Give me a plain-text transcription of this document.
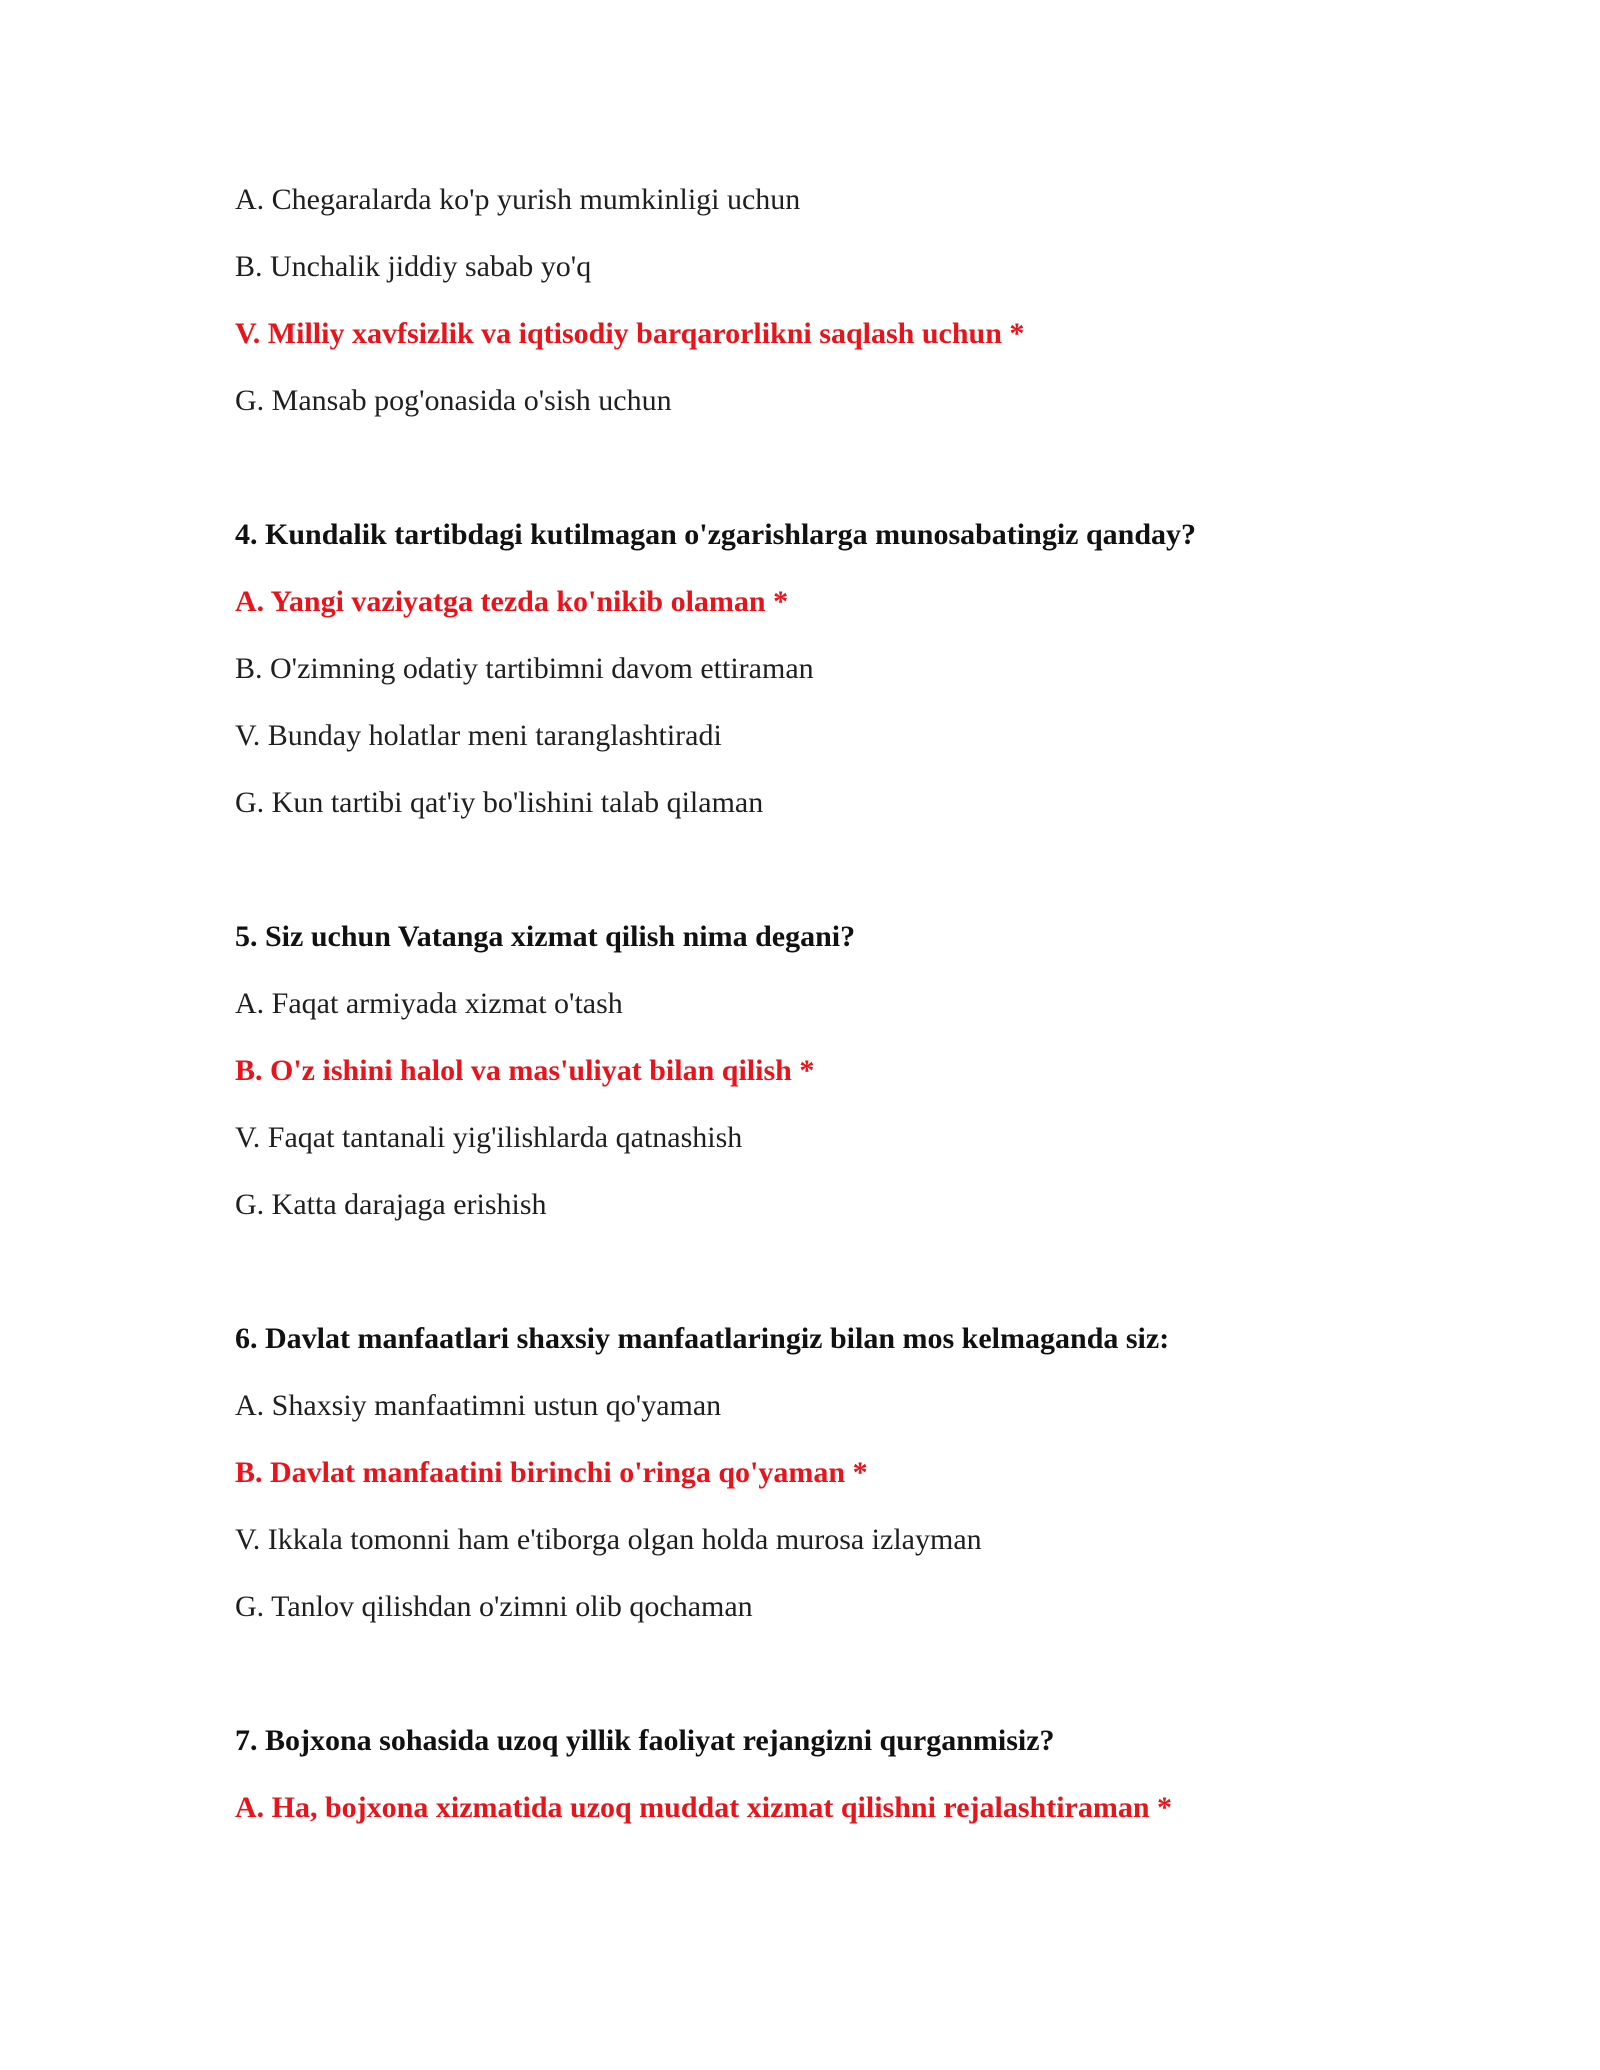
A. Chegaralarda ko'p yurish mumkinligi uchun
B. Unchalik jiddiy sabab yo'q
V. Milliy xavfsizlik va iqtisodiy barqarorlikni saqlash uchun *
G. Mansab pog'onasida o'sish uchun
4. Kundalik tartibdagi kutilmagan o'zgarishlarga munosabatingiz qanday?
A. Yangi vaziyatga tezda ko'nikib olaman *
B. O'zimning odatiy tartibimni davom ettiraman
V. Bunday holatlar meni taranglashtiradi
G. Kun tartibi qat'iy bo'lishini talab qilaman
5. Siz uchun Vatanga xizmat qilish nima degani?
A. Faqat armiyada xizmat o'tash
B. O'z ishini halol va mas'uliyat bilan qilish *
V. Faqat tantanali yig'ilishlarda qatnashish
G. Katta darajaga erishish
6. Davlat manfaatlari shaxsiy manfaatlaringiz bilan mos kelmaganda siz:
A. Shaxsiy manfaatimni ustun qo'yaman
B. Davlat manfaatini birinchi o'ringa qo'yaman *
V. Ikkala tomonni ham e'tiborga olgan holda murosa izlayman
G. Tanlov qilishdan o'zimni olib qochaman
7. Bojxona sohasida uzoq yillik faoliyat rejangizni qurganmisiz?
A. Ha, bojxona xizmatida uzoq muddat xizmat qilishni rejalashtiraman *
